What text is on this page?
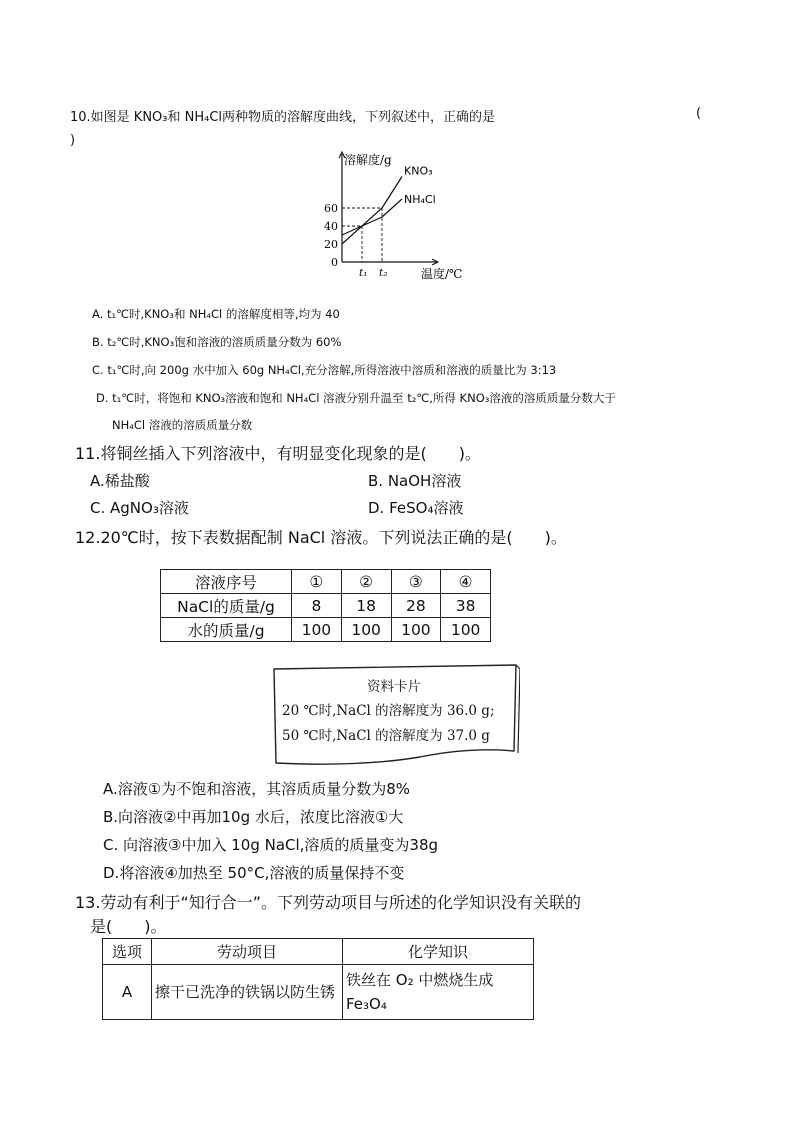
10.如图是 KNO₃和 NH₄Cl两种物质的溶解度曲线，下列叙述中，正确的是	(
)
溶解度/g
温度/℃
0
20
40
60
t₁ t₂
KNO₃
NH₄Cl
A. t₁℃时,KNO₃和 NH₄Cl 的溶解度相等,均为 40
B. t₂℃时,KNO₃饱和溶液的溶质质量分数为 60%
C. t₁℃时,向 200g 水中加入 60g NH₄Cl,充分溶解,所得溶液中溶质和溶液的质量比为 3:13
D. t₁℃时，将饱和 KNO₃溶液和饱和 NH₄Cl 溶液分别升温至 t₂℃,所得 KNO₃溶液的溶质质量分数大于
NH₄Cl 溶液的溶质质量分数
11.将铜丝插入下列溶液中，有明显变化现象的是(　　)。
A.稀盐酸	B. NaOH溶液
C. AgNO₃溶液	D. FeSO₄溶液
12.20℃时，按下表数据配制 NaCl 溶液。下列说法正确的是(　　)。
溶液序号	①	②	③	④
NaCl的质量/g	8	18	28	38
水的质量/g	100	100	100	100
资料卡片
20 ℃时,NaCl 的溶解度为 36.0 g;
50 ℃时,NaCl 的溶解度为 37.0 g
A.溶液①为不饱和溶液，其溶质质量分数为8%
B.向溶液②中再加10g 水后，浓度比溶液①大
C. 向溶液③中加入 10g NaCl,溶质的质量变为38g
D.将溶液④加热至 50°C,溶液的质量保持不变
13.劳动有利于“知行合一”。下列劳动项目与所述的化学知识没有关联的
是(　　)。
选项	劳动项目	化学知识
A	擦干已洗净的铁锅以防生锈	铁丝在 O₂ 中燃烧生成 Fe₃O₄
